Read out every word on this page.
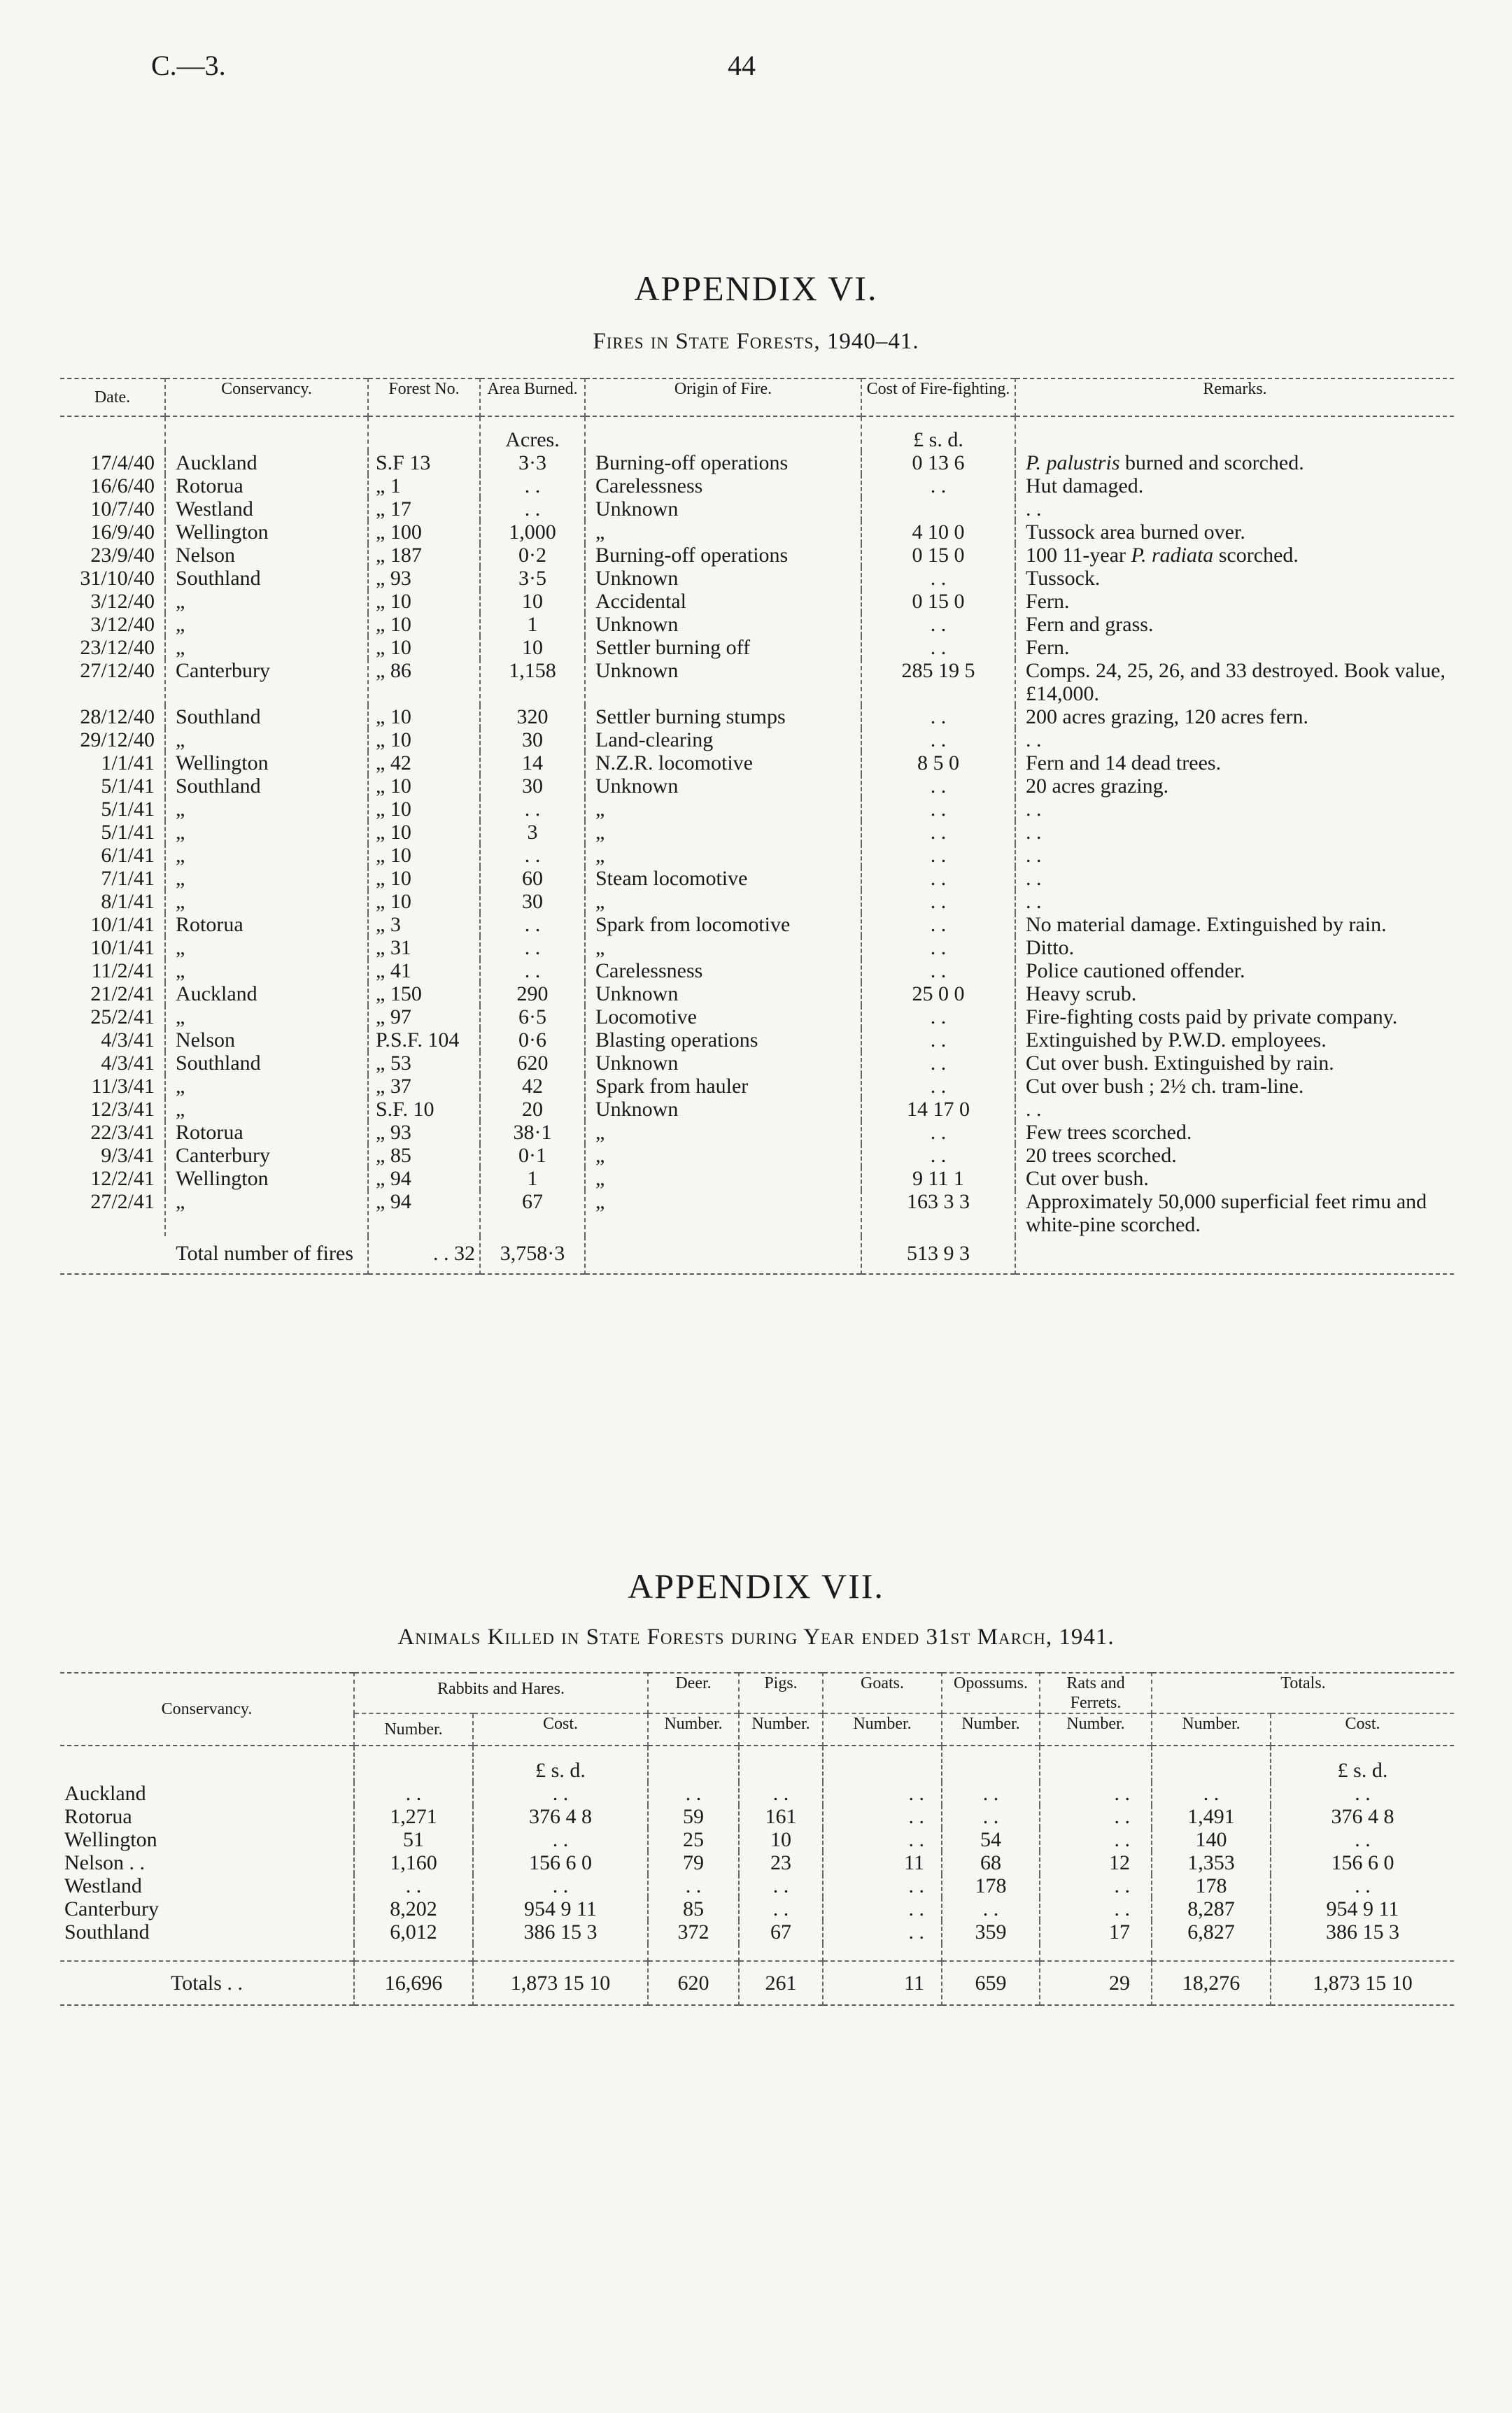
C.—3.	44
APPENDIX VI.
Fires in State Forests, 1940–41.
Date.	Conservancy.	Forest No.	Area Burned.	Origin of Fire.	Cost of Fire-fighting.	Remarks.
			Acres.		£ s. d.	
17/4/40	Auckland	S.F 13	3·3	Burning-off operations	0 13 6	P. palustris burned and scorched.
16/6/40	Rotorua	„ 1	. .	Carelessness	. .	Hut damaged.
10/7/40	Westland	„ 17	. .	Unknown		. .
16/9/40	Wellington	„ 100	1,000	„	4 10 0	Tussock area burned over.
23/9/40	Nelson	„ 187	0·2	Burning-off operations	0 15 0	100 11-year P. radiata scorched.
31/10/40	Southland	„ 93	3·5	Unknown	. .	Tussock.
3/12/40	„	„ 10	10	Accidental	0 15 0	Fern.
3/12/40	„	„ 10	1	Unknown	. .	Fern and grass.
23/12/40	„	„ 10	10	Settler burning off	. .	Fern.
27/12/40	Canterbury	„ 86	1,158	Unknown	285 19 5	Comps. 24, 25, 26, and 33 destroyed. Book value, £14,000.
28/12/40	Southland	„ 10	320	Settler burning stumps	. .	200 acres grazing, 120 acres fern.
29/12/40	„	„ 10	30	Land-clearing	. .	. .
1/1/41	Wellington	„ 42	14	N.Z.R. locomotive	8 5 0	Fern and 14 dead trees.
5/1/41	Southland	„ 10	30	Unknown	. .	20 acres grazing.
5/1/41	„	„ 10	. .	„	. .	. .
5/1/41	„	„ 10	3	„	. .	. .
6/1/41	„	„ 10	. .	„	. .	. .
7/1/41	„	„ 10	60	Steam locomotive	. .	. .
8/1/41	„	„ 10	30	„	. .	. .
10/1/41	Rotorua	„ 3	. .	Spark from locomotive	. .	No material damage. Extinguished by rain.
10/1/41	„	„ 31	. .	„	. .	Ditto.
11/2/41	„	„ 41	. .	Carelessness	. .	Police cautioned offender.
21/2/41	Auckland	„ 150	290	Unknown	25 0 0	Heavy scrub.
25/2/41	„	„ 97	6·5	Locomotive	. .	Fire-fighting costs paid by private company.
4/3/41	Nelson	P.S.F. 104	0·6	Blasting operations	. .	Extinguished by P.W.D. employees.
4/3/41	Southland	„ 53	620	Unknown	. .	Cut over bush. Extinguished by rain.
11/3/41	„	„ 37	42	Spark from hauler	. .	Cut over bush ; 2½ ch. tram-line.
12/3/41	„	S.F. 10	20	Unknown	14 17 0	. .
22/3/41	Rotorua	„ 93	38·1	„	. .	Few trees scorched.
9/3/41	Canterbury	„ 85	0·1	„	. .	20 trees scorched.
12/2/41	Wellington	„ 94	1	„	9 11 1	Cut over bush.
27/2/41	„	„ 94	67	„	163 3 3	Approximately 50,000 superficial feet rimu and white-pine scorched.
Total number of fires		. . 32	3,758·3		513 9 3	
APPENDIX VII.
Animals Killed in State Forests during Year ended 31st March, 1941.
Conservancy.	Rabbits and Hares.		Deer.	Pigs.	Goats.	Opossums.	Rats and Ferrets.	Totals.	
	Number.	Cost.	Number.	Number.	Number.	Number.	Number.	Number.	Cost.
		£ s. d.							£ s. d.
Auckland	. .	. .	. .	. .	. .	. .	. .	. .	. .
Rotorua	1,271	376 4 8	59	161	. .	. .	. .	1,491	376 4 8
Wellington	51	. .	25	10	. .	54	. .	140	. .
Nelson . .	1,160	156 6 0	79	23	11	68	12	1,353	156 6 0
Westland	. .	. .	. .	. .	. .	178	. .	178	. .
Canterbury	8,202	954 9 11	85	. .	. .	. .	. .	8,287	954 9 11
Southland	6,012	386 15 3	372	67	. .	359	17	6,827	386 15 3

Totals . .	16,696	1,873 15 10	620	261	11	659	29	18,276	1,873 15 10
